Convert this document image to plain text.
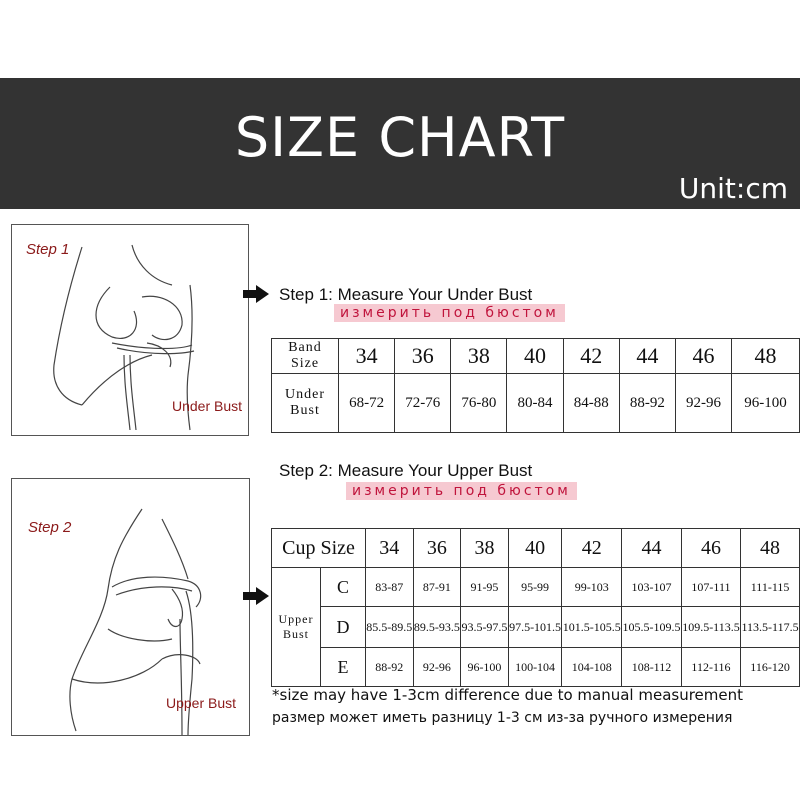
SIZE CHART
Unit:cm
Step 1
Under Bust
Step 1: Measure Your Under Bust
измерить под бюстом
Band Size	34	36	38	40	42	44	46	48
Under Bust	68-72	72-76	76-80	80-84	84-88	88-92	92-96	96-100
Step 2
Upper Bust
Step 2: Measure Your Upper Bust
измерить под бюстом
Cup Size		34	36	38	40	42	44	46	48
Upper Bust	C	83-87	87-91	91-95	95-99	99-103	103-107	107-111	111-115
	D	85.5-89.5	89.5-93.5	93.5-97.5	97.5-101.5	101.5-105.5	105.5-109.5	109.5-113.5	113.5-117.5
	E	88-92	92-96	96-100	100-104	104-108	108-112	112-116	116-120
*size may have 1-3cm difference due to manual measurement
размер может иметь разницу 1-3 см из-за ручного измерения
